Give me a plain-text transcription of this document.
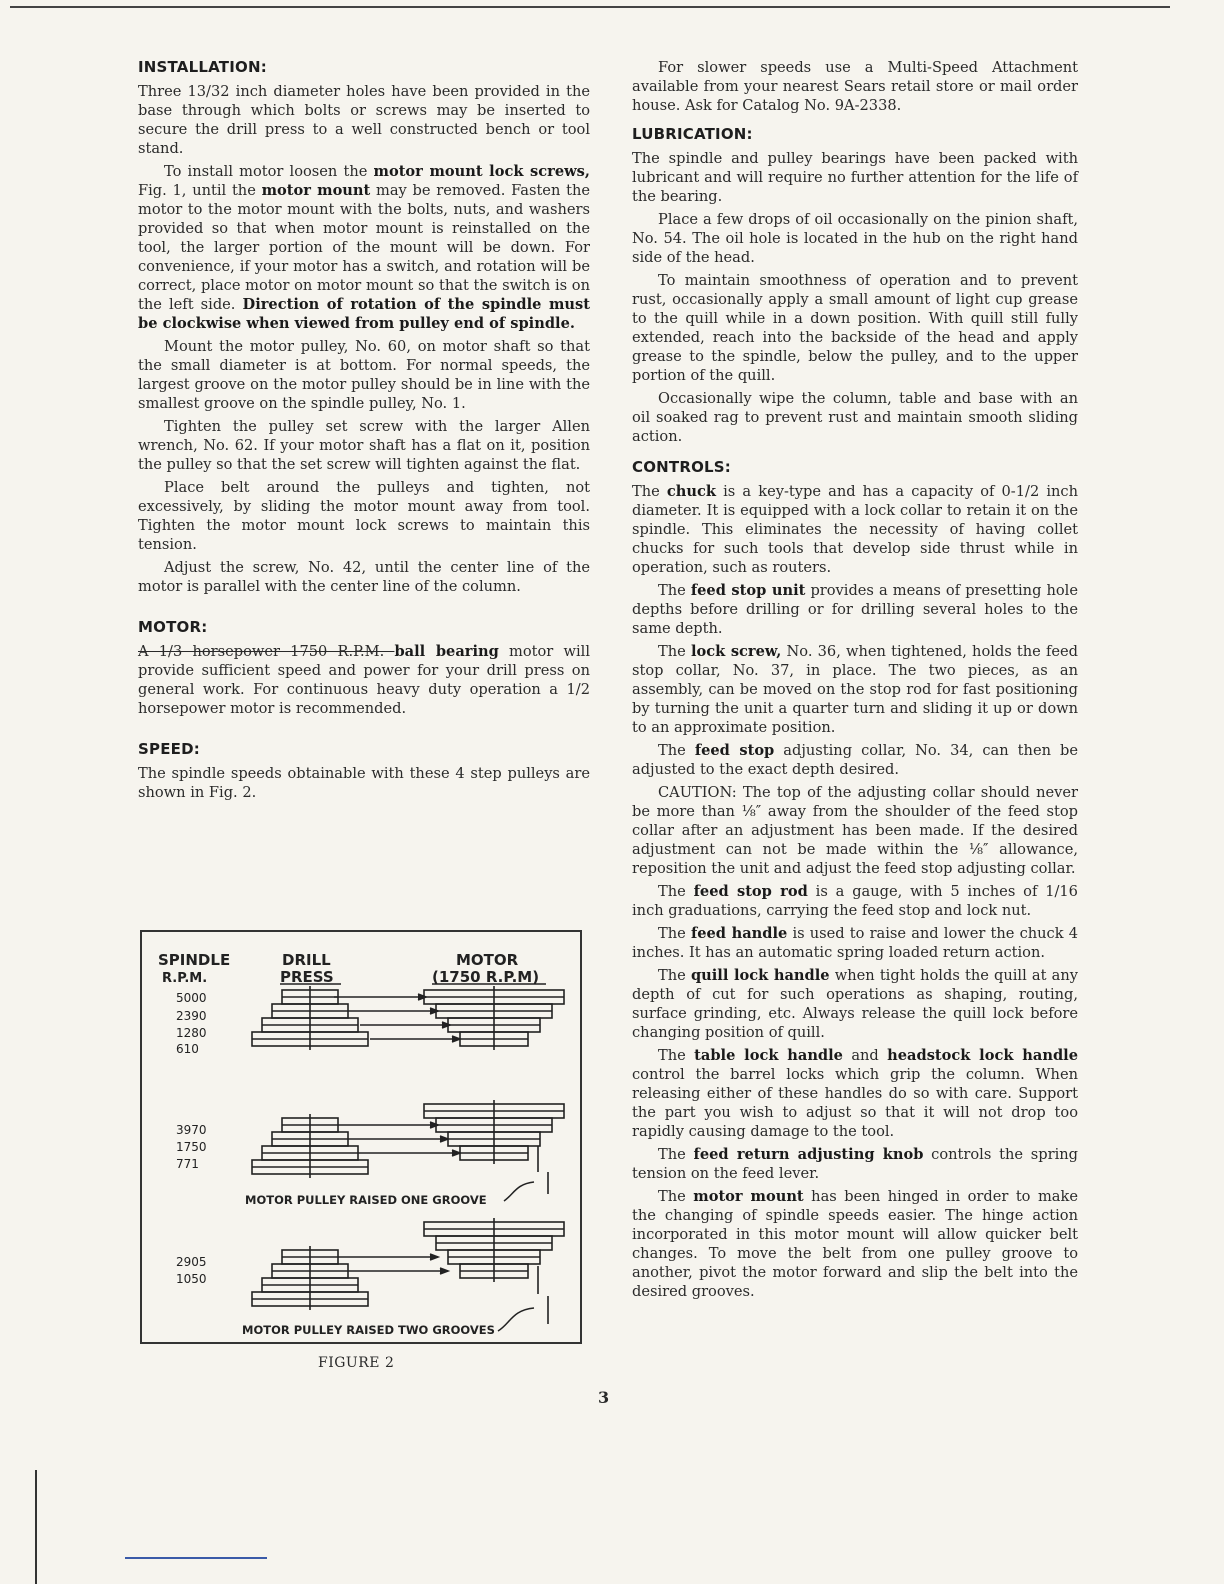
INSTALLATION:

Three 13/32 inch diameter holes have been provided in the base through which bolts or screws may be inserted to secure the drill press to a well constructed bench or tool stand.

To install motor loosen the motor mount lock screws, Fig. 1, until the motor mount may be removed. Fasten the motor to the motor mount with the bolts, nuts, and washers provided so that when motor mount is reinstalled on the tool, the larger portion of the mount will be down. For convenience, if your motor has a switch, and rotation will be correct, place motor on motor mount so that the switch is on the left side. Direction of rotation of the spindle must be clockwise when viewed from pulley end of spindle.

Mount the motor pulley, No. 60, on motor shaft so that the small diameter is at bottom. For normal speeds, the largest groove on the motor pulley should be in line with the smallest groove on the spindle pulley, No. 1.

Tighten the pulley set screw with the larger Allen wrench, No. 62. If your motor shaft has a flat on it, position the pulley so that the set screw will tighten against the flat.

Place belt around the pulleys and tighten, not excessively, by sliding the motor mount away from tool. Tighten the motor mount lock screws to maintain this tension.

Adjust the screw, No. 42, until the center line of the motor is parallel with the center line of the column.

MOTOR:

A 1/3 horsepower 1750 R.P.M. ball bearing motor will provide sufficient speed and power for your drill press on general work. For continuous heavy duty operation a 1/2 horsepower motor is recommended.

SPEED:

The spindle speeds obtainable with these 4 step pulleys are shown in Fig. 2.

SPINDLE
R.P.M.
DRILL
PRESS
MOTOR
(1750 R.P.M)
5000
2390
1280
610
3970
1750
771
2905
1050
MOTOR PULLEY RAISED ONE GROOVE
MOTOR PULLEY RAISED TWO GROOVES
FIGURE 2

For slower speeds use a Multi-Speed Attachment available from your nearest Sears retail store or mail order house. Ask for Catalog No. 9A-2338.

LUBRICATION:

The spindle and pulley bearings have been packed with lubricant and will require no further attention for the life of the bearing.

Place a few drops of oil occasionally on the pinion shaft, No. 54. The oil hole is located in the hub on the right hand side of the head.

To maintain smoothness of operation and to prevent rust, occasionally apply a small amount of light cup grease to the quill while in a down position. With quill still fully extended, reach into the backside of the head and apply grease to the spindle, below the pulley, and to the upper portion of the quill.

Occasionally wipe the column, table and base with an oil soaked rag to prevent rust and maintain smooth sliding action.

CONTROLS:

The chuck is a key-type and has a capacity of 0-1/2 inch diameter. It is equipped with a lock collar to retain it on the spindle. This eliminates the necessity of having collet chucks for such tools that develop side thrust while in operation, such as routers.

The feed stop unit provides a means of presetting hole depths before drilling or for drilling several holes to the same depth.

The lock screw, No. 36, when tightened, holds the feed stop collar, No. 37, in place. The two pieces, as an assembly, can be moved on the stop rod for fast positioning by turning the unit a quarter turn and sliding it up or down to an approximate position.

The feed stop adjusting collar, No. 34, can then be adjusted to the exact depth desired.

CAUTION: The top of the adjusting collar should never be more than ⅛″ away from the shoulder of the feed stop collar after an adjustment has been made. If the desired adjustment can not be made within the ⅛″ allowance, reposition the unit and adjust the feed stop adjusting collar.

The feed stop rod is a gauge, with 5 inches of 1/16 inch graduations, carrying the feed stop and lock nut.

The feed handle is used to raise and lower the chuck 4 inches. It has an automatic spring loaded return action.

The quill lock handle when tight holds the quill at any depth of cut for such operations as shaping, routing, surface grinding, etc. Always release the quill lock before changing position of quill.

The table lock handle and headstock lock handle control the barrel locks which grip the column. When releasing either of these handles do so with care. Support the part you wish to adjust so that it will not drop too rapidly causing damage to the tool.

The feed return adjusting knob controls the spring tension on the feed lever.

The motor mount has been hinged in order to make the changing of spindle speeds easier. The hinge action incorporated in this motor mount will allow quicker belt changes. To move the belt from one pulley groove to another, pivot the motor forward and slip the belt into the desired grooves.

3
